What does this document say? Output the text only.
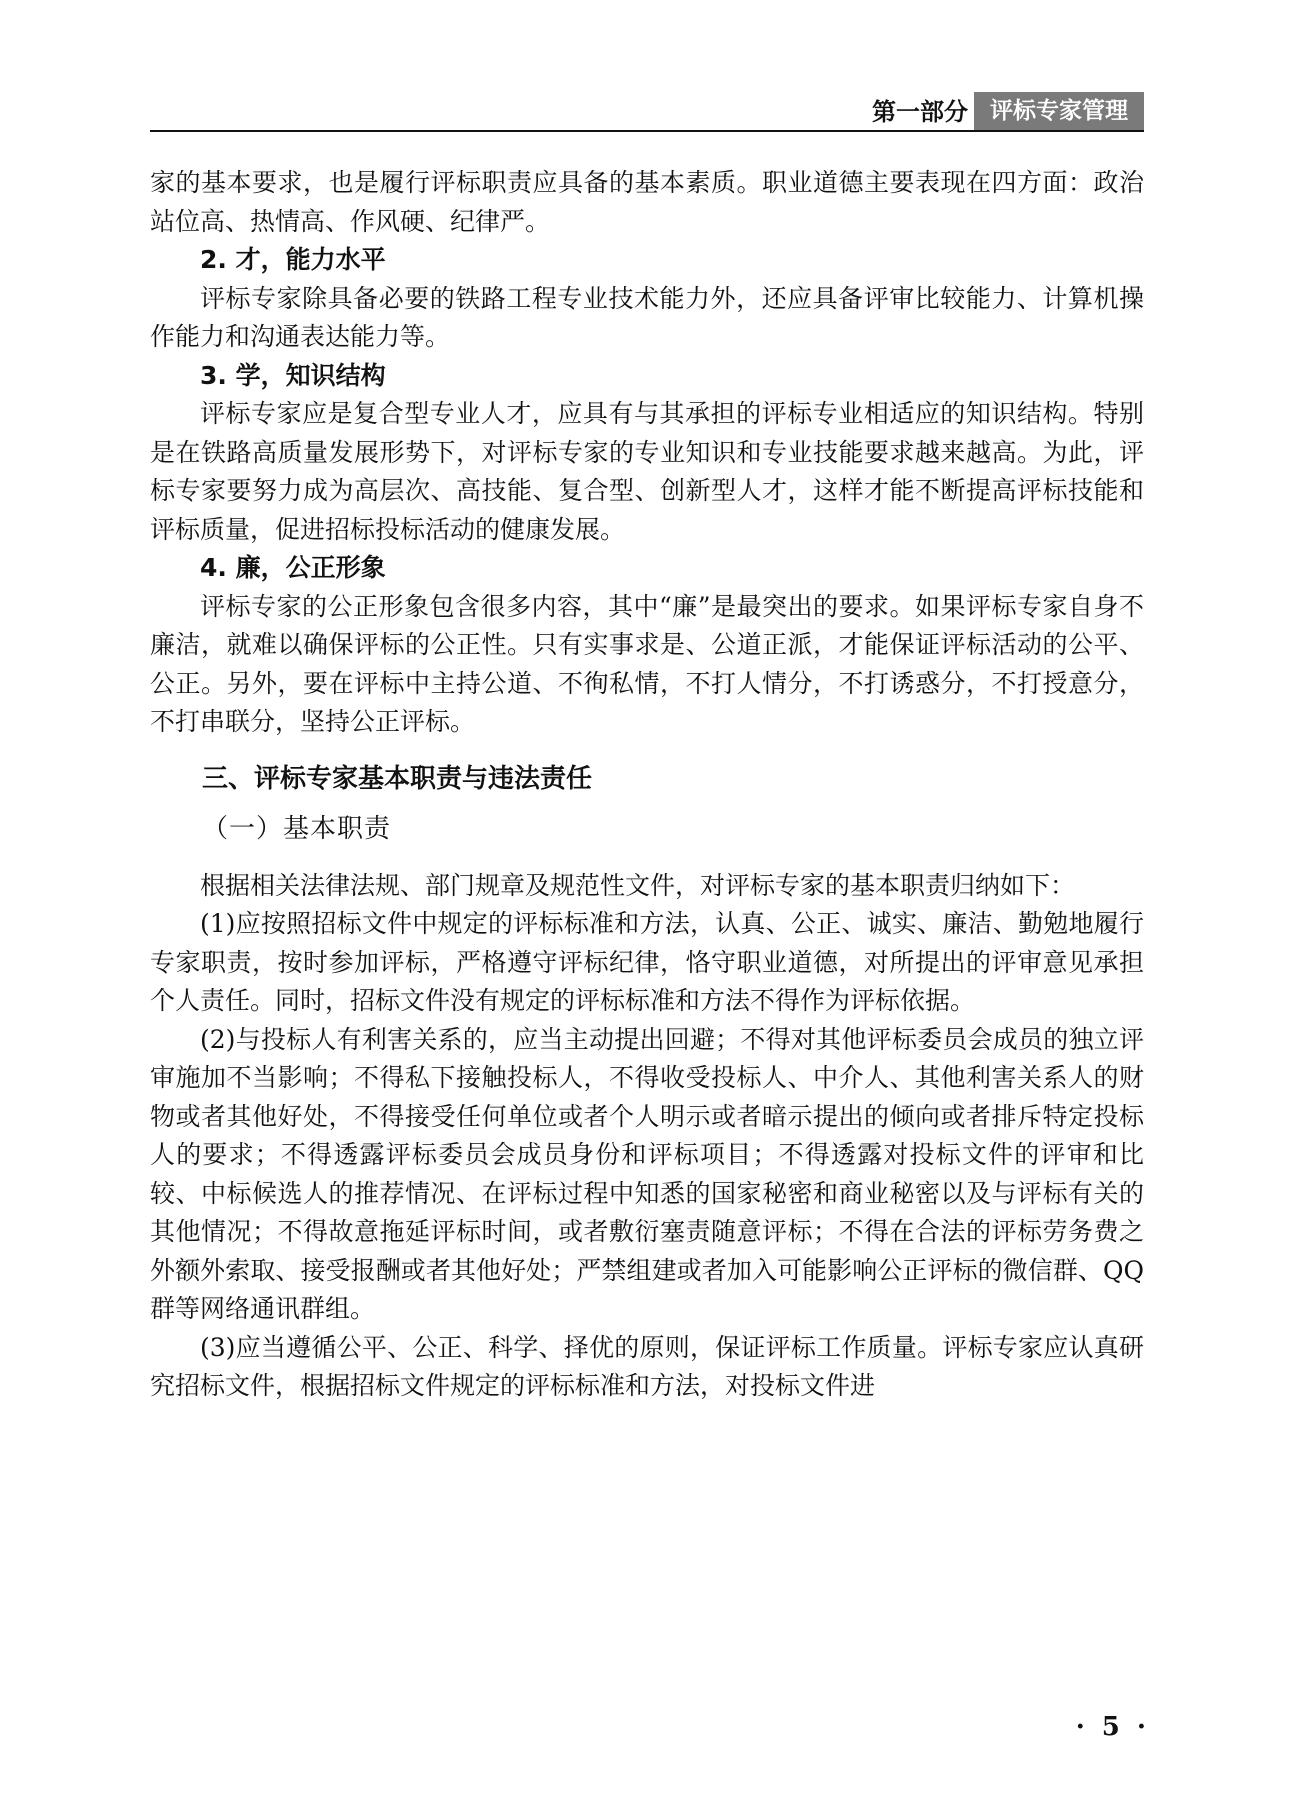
第一部分 评标专家管理

家的基本要求，也是履行评标职责应具备的基本素质。职业道德主要表现在四方面：政治站位高、热情高、作风硬、纪律严。

2. 才，能力水平

评标专家除具备必要的铁路工程专业技术能力外，还应具备评审比较能力、计算机操作能力和沟通表达能力等。

3. 学，知识结构

评标专家应是复合型专业人才，应具有与其承担的评标专业相适应的知识结构。特别是在铁路高质量发展形势下，对评标专家的专业知识和专业技能要求越来越高。为此，评标专家要努力成为高层次、高技能、复合型、创新型人才，这样才能不断提高评标技能和评标质量，促进招标投标活动的健康发展。

4. 廉，公正形象

评标专家的公正形象包含很多内容，其中“廉”是最突出的要求。如果评标专家自身不廉洁，就难以确保评标的公正性。只有实事求是、公道正派，才能保证评标活动的公平、公正。另外，要在评标中主持公道、不徇私情，不打人情分，不打诱惑分，不打授意分，不打串联分，坚持公正评标。

三、评标专家基本职责与违法责任

（一）基本职责

根据相关法律法规、部门规章及规范性文件，对评标专家的基本职责归纳如下：

(1)应按照招标文件中规定的评标标准和方法，认真、公正、诚实、廉洁、勤勉地履行专家职责，按时参加评标，严格遵守评标纪律，恪守职业道德，对所提出的评审意见承担个人责任。同时，招标文件没有规定的评标标准和方法不得作为评标依据。

(2)与投标人有利害关系的，应当主动提出回避；不得对其他评标委员会成员的独立评审施加不当影响；不得私下接触投标人，不得收受投标人、中介人、其他利害关系人的财物或者其他好处，不得接受任何单位或者个人明示或者暗示提出的倾向或者排斥特定投标人的要求；不得透露评标委员会成员身份和评标项目；不得透露对投标文件的评审和比较、中标候选人的推荐情况、在评标过程中知悉的国家秘密和商业秘密以及与评标有关的其他情况；不得故意拖延评标时间，或者敷衍塞责随意评标；不得在合法的评标劳务费之外额外索取、接受报酬或者其他好处；严禁组建或者加入可能影响公正评标的微信群、QQ 群等网络通讯群组。

(3)应当遵循公平、公正、科学、择优的原则，保证评标工作质量。评标专家应认真研究招标文件，根据招标文件规定的评标标准和方法，对投标文件进

· 5 ·
